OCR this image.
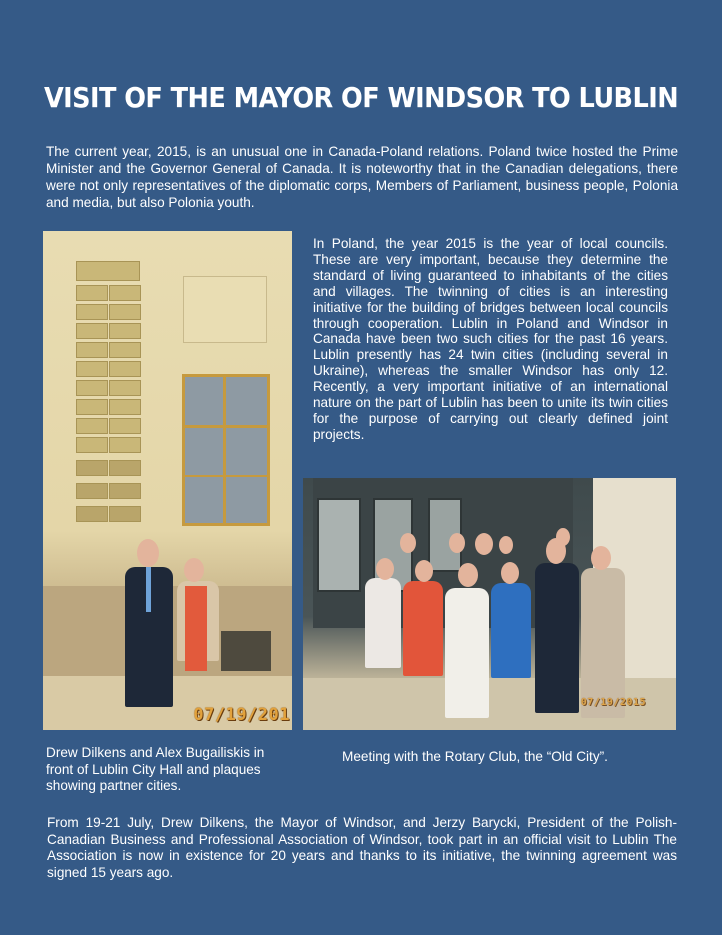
VISIT OF THE MAYOR OF WINDSOR TO LUBLIN

The current year, 2015, is an unusual one in Canada-Poland relations. Poland twice hosted the Prime Minister and the Governor General of Canada. It is noteworthy that in the Canadian delegations, there were not only representatives of the diplomatic corps, Members of Parliament, business people, Polonia and media, but also Polonia youth.

In Poland, the year 2015 is the year of local councils. These are very important, because they determine the standard of living guaranteed to inhabitants of the cities and villages. The twinning of cities is an interesting initiative for the building of bridges between local councils through cooperation. Lublin in Poland and Windsor in Canada have been two such cities for the past 16 years. Lublin presently has 24 twin cities (including several in Ukraine), whereas the smaller Windsor has only 12. Recently, a very important initiative of an international nature on the part of Lublin has been to unite its twin cities for the purpose of carrying out clearly defined joint projects.

07/19/201
07/19/2015
Drew Dilkens and Alex Bugailiskis in front of Lublin City Hall and plaques showing partner cities.
Meeting with the Rotary Club, the “Old City”.

From 19-21 July, Drew Dilkens, the Mayor of Windsor, and Jerzy Barycki, President of the Polish-Canadian Business and Professional Association of Windsor, took part in an official visit to Lublin The Association is now in existence for 20 years and thanks to its initiative, the twinning agreement was signed 15 years ago.
